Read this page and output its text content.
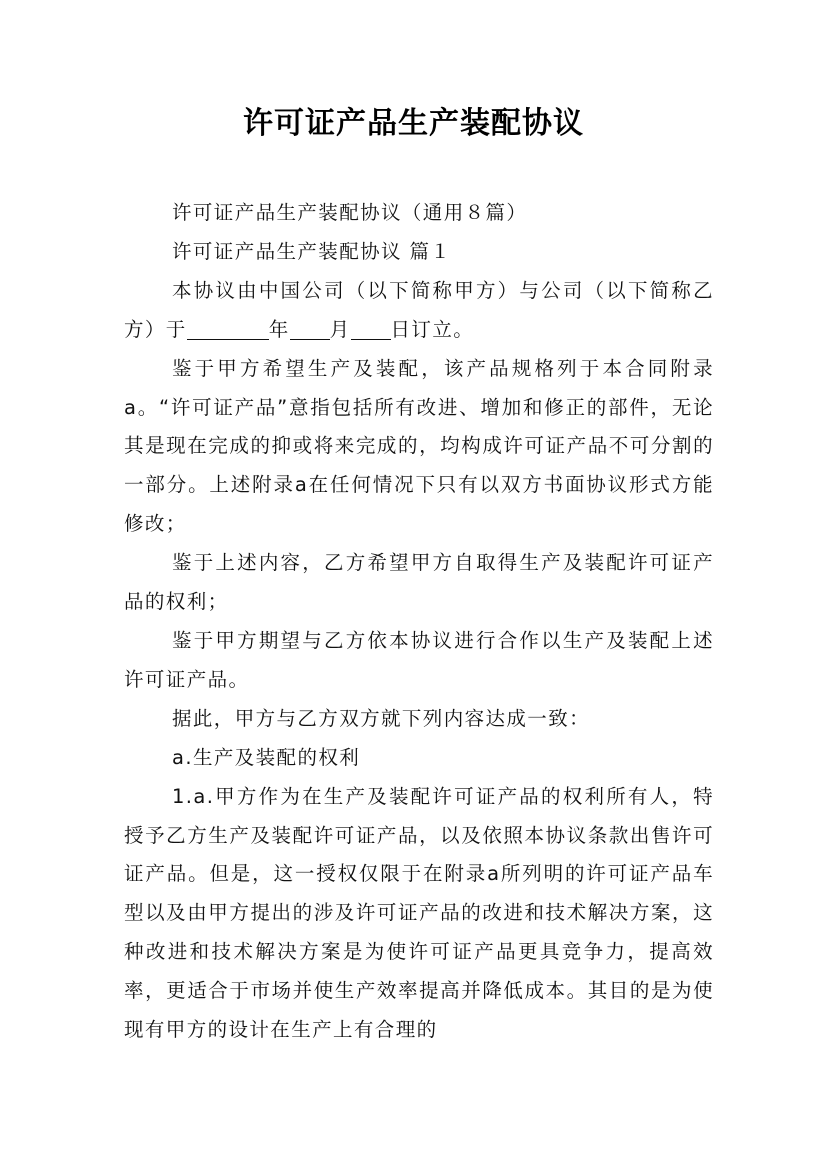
许可证产品生产装配协议

许可证产品生产装配协议（通用８篇）

许可证产品生产装配协议 篇１

本协议由中国公司（以下简称甲方）与公司（以下简称乙方）于	年 月 日订立。

鉴于甲方希望生产及装配，该产品规格列于本合同附录a。“许可证产品”意指包括所有改进、增加和修正的部件，无论其是现在完成的抑或将来完成的，均构成许可证产品不可分割的一部分。上述附录a在任何情况下只有以双方书面协议形式方能修改；

鉴于上述内容，乙方希望甲方自取得生产及装配许可证产品的权利；

鉴于甲方期望与乙方依本协议进行合作以生产及装配上述许可证产品。

据此，甲方与乙方双方就下列内容达成一致：

a.生产及装配的权利

1.a.甲方作为在生产及装配许可证产品的权利所有人，特授予乙方生产及装配许可证产品，以及依照本协议条款出售许可证产品。但是，这一授权仅限于在附录a所列明的许可证产品车型以及由甲方提出的涉及许可证产品的改进和技术解决方案，这种改进和技术解决方案是为使许可证产品更具竞争力，提高效率，更适合于市场并使生产效率提高并降低成本。其目的是为使现有甲方的设计在生产上有合理的
